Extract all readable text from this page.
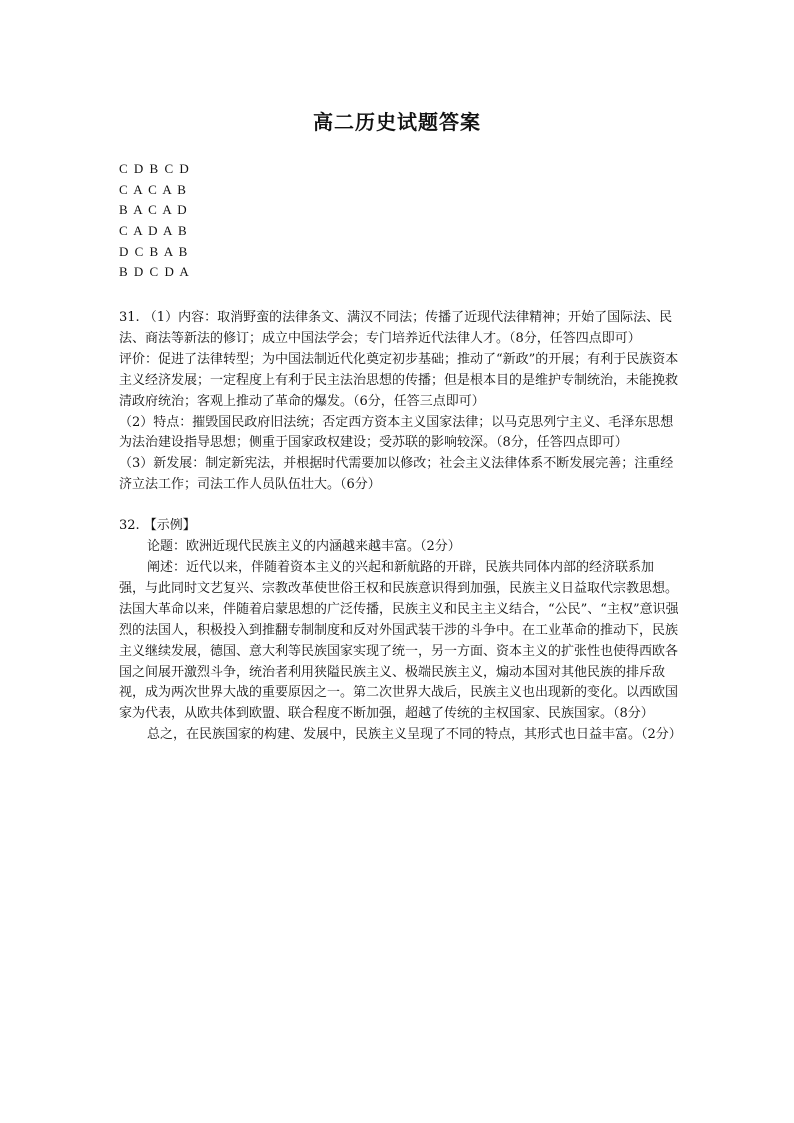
高二历史试题答案
C D B C D
C A C A B
B A C A D
C A D A B
D C B A B
B D C D A

31. （1）内容：取消野蛮的法律条文、满汉不同法；传播了近现代法律精神；开始了国际法、民法、商法等新法的修订；成立中国法学会；专门培养近代法律人才。（8分，任答四点即可）

评价：促进了法律转型；为中国法制近代化奠定初步基础；推动了“新政”的开展；有利于民族资本主义经济发展；一定程度上有利于民主法治思想的传播；但是根本目的是维护专制统治，未能挽救清政府统治；客观上推动了革命的爆发。（6分，任答三点即可）

（2）特点：摧毁国民政府旧法统；否定西方资本主义国家法律；以马克思列宁主义、毛泽东思想为法治建设指导思想；侧重于国家政权建设；受苏联的影响较深。（8分，任答四点即可）

（3）新发展：制定新宪法，并根据时代需要加以修改；社会主义法律体系不断发展完善；注重经济立法工作；司法工作人员队伍壮大。（6分）

32. 【示例】

论题：欧洲近现代民族主义的内涵越来越丰富。（2分）

阐述：近代以来，伴随着资本主义的兴起和新航路的开辟，民族共同体内部的经济联系加强，与此同时文艺复兴、宗教改革使世俗王权和民族意识得到加强，民族主义日益取代宗教思想。法国大革命以来，伴随着启蒙思想的广泛传播，民族主义和民主主义结合，“公民”、“主权”意识强烈的法国人，积极投入到推翻专制制度和反对外国武装干涉的斗争中。在工业革命的推动下，民族主义继续发展，德国、意大利等民族国家实现了统一，另一方面、资本主义的扩张性也使得西欧各国之间展开激烈斗争，统治者利用狭隘民族主义、极端民族主义，煽动本国对其他民族的排斥敌视，成为两次世界大战的重要原因之一。第二次世界大战后，民族主义也出现新的变化。以西欧国家为代表，从欧共体到欧盟、联合程度不断加强，超越了传统的主权国家、民族国家。（8分）

总之，在民族国家的构建、发展中，民族主义呈现了不同的特点，其形式也日益丰富。（2分）
